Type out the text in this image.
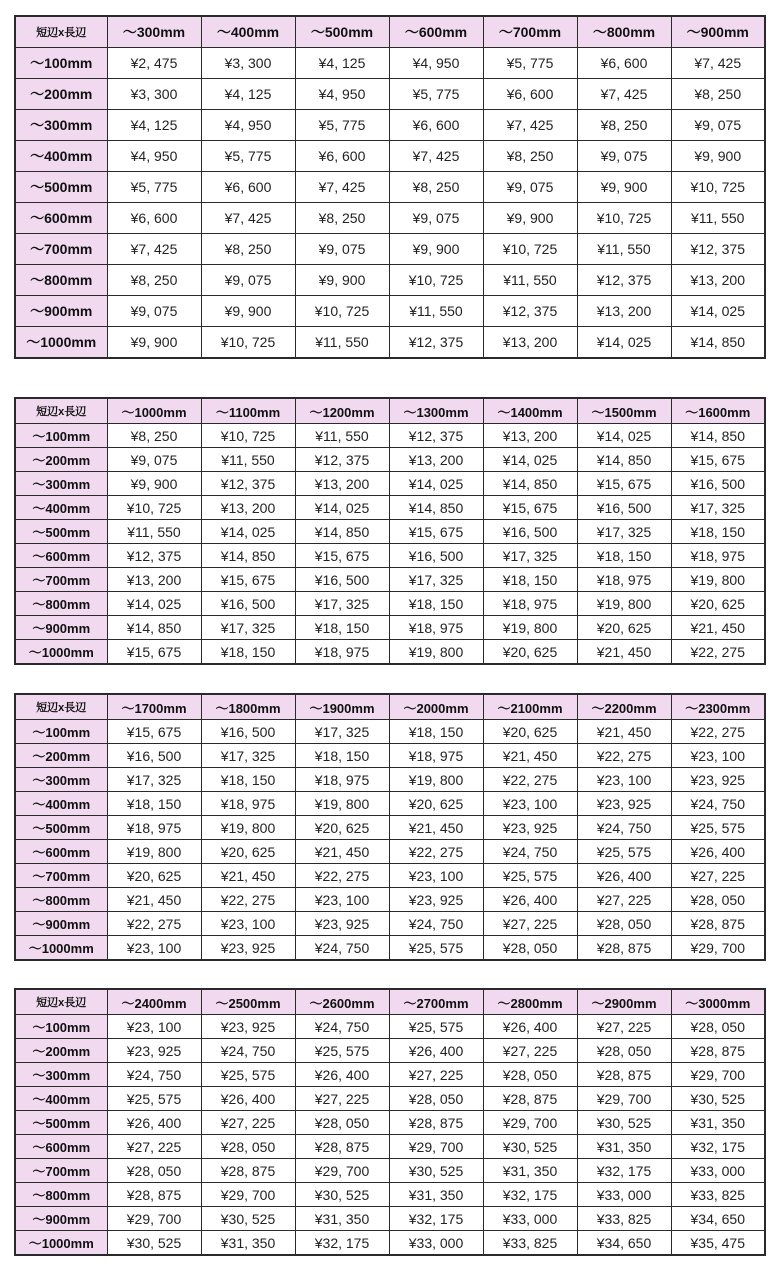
短辺x長辺	～300mm	～400mm	～500mm	～600mm	～700mm	～800mm	～900mm
～100mm	¥2, 475	¥3, 300	¥4, 125	¥4, 950	¥5, 775	¥6, 600	¥7, 425
～200mm	¥3, 300	¥4, 125	¥4, 950	¥5, 775	¥6, 600	¥7, 425	¥8, 250
～300mm	¥4, 125	¥4, 950	¥5, 775	¥6, 600	¥7, 425	¥8, 250	¥9, 075
～400mm	¥4, 950	¥5, 775	¥6, 600	¥7, 425	¥8, 250	¥9, 075	¥9, 900
～500mm	¥5, 775	¥6, 600	¥7, 425	¥8, 250	¥9, 075	¥9, 900	¥10, 725
～600mm	¥6, 600	¥7, 425	¥8, 250	¥9, 075	¥9, 900	¥10, 725	¥11, 550
～700mm	¥7, 425	¥8, 250	¥9, 075	¥9, 900	¥10, 725	¥11, 550	¥12, 375
～800mm	¥8, 250	¥9, 075	¥9, 900	¥10, 725	¥11, 550	¥12, 375	¥13, 200
～900mm	¥9, 075	¥9, 900	¥10, 725	¥11, 550	¥12, 375	¥13, 200	¥14, 025
～1000mm	¥9, 900	¥10, 725	¥11, 550	¥12, 375	¥13, 200	¥14, 025	¥14, 850
短辺x長辺	～1000mm	～1100mm	～1200mm	～1300mm	～1400mm	～1500mm	～1600mm
～100mm	¥8, 250	¥10, 725	¥11, 550	¥12, 375	¥13, 200	¥14, 025	¥14, 850
～200mm	¥9, 075	¥11, 550	¥12, 375	¥13, 200	¥14, 025	¥14, 850	¥15, 675
～300mm	¥9, 900	¥12, 375	¥13, 200	¥14, 025	¥14, 850	¥15, 675	¥16, 500
～400mm	¥10, 725	¥13, 200	¥14, 025	¥14, 850	¥15, 675	¥16, 500	¥17, 325
～500mm	¥11, 550	¥14, 025	¥14, 850	¥15, 675	¥16, 500	¥17, 325	¥18, 150
～600mm	¥12, 375	¥14, 850	¥15, 675	¥16, 500	¥17, 325	¥18, 150	¥18, 975
～700mm	¥13, 200	¥15, 675	¥16, 500	¥17, 325	¥18, 150	¥18, 975	¥19, 800
～800mm	¥14, 025	¥16, 500	¥17, 325	¥18, 150	¥18, 975	¥19, 800	¥20, 625
～900mm	¥14, 850	¥17, 325	¥18, 150	¥18, 975	¥19, 800	¥20, 625	¥21, 450
～1000mm	¥15, 675	¥18, 150	¥18, 975	¥19, 800	¥20, 625	¥21, 450	¥22, 275
短辺x長辺	～1700mm	～1800mm	～1900mm	～2000mm	～2100mm	～2200mm	～2300mm
～100mm	¥15, 675	¥16, 500	¥17, 325	¥18, 150	¥20, 625	¥21, 450	¥22, 275
～200mm	¥16, 500	¥17, 325	¥18, 150	¥18, 975	¥21, 450	¥22, 275	¥23, 100
～300mm	¥17, 325	¥18, 150	¥18, 975	¥19, 800	¥22, 275	¥23, 100	¥23, 925
～400mm	¥18, 150	¥18, 975	¥19, 800	¥20, 625	¥23, 100	¥23, 925	¥24, 750
～500mm	¥18, 975	¥19, 800	¥20, 625	¥21, 450	¥23, 925	¥24, 750	¥25, 575
～600mm	¥19, 800	¥20, 625	¥21, 450	¥22, 275	¥24, 750	¥25, 575	¥26, 400
～700mm	¥20, 625	¥21, 450	¥22, 275	¥23, 100	¥25, 575	¥26, 400	¥27, 225
～800mm	¥21, 450	¥22, 275	¥23, 100	¥23, 925	¥26, 400	¥27, 225	¥28, 050
～900mm	¥22, 275	¥23, 100	¥23, 925	¥24, 750	¥27, 225	¥28, 050	¥28, 875
～1000mm	¥23, 100	¥23, 925	¥24, 750	¥25, 575	¥28, 050	¥28, 875	¥29, 700
短辺x長辺	～2400mm	～2500mm	～2600mm	～2700mm	～2800mm	～2900mm	～3000mm
～100mm	¥23, 100	¥23, 925	¥24, 750	¥25, 575	¥26, 400	¥27, 225	¥28, 050
～200mm	¥23, 925	¥24, 750	¥25, 575	¥26, 400	¥27, 225	¥28, 050	¥28, 875
～300mm	¥24, 750	¥25, 575	¥26, 400	¥27, 225	¥28, 050	¥28, 875	¥29, 700
～400mm	¥25, 575	¥26, 400	¥27, 225	¥28, 050	¥28, 875	¥29, 700	¥30, 525
～500mm	¥26, 400	¥27, 225	¥28, 050	¥28, 875	¥29, 700	¥30, 525	¥31, 350
～600mm	¥27, 225	¥28, 050	¥28, 875	¥29, 700	¥30, 525	¥31, 350	¥32, 175
～700mm	¥28, 050	¥28, 875	¥29, 700	¥30, 525	¥31, 350	¥32, 175	¥33, 000
～800mm	¥28, 875	¥29, 700	¥30, 525	¥31, 350	¥32, 175	¥33, 000	¥33, 825
～900mm	¥29, 700	¥30, 525	¥31, 350	¥32, 175	¥33, 000	¥33, 825	¥34, 650
～1000mm	¥30, 525	¥31, 350	¥32, 175	¥33, 000	¥33, 825	¥34, 650	¥35, 475
